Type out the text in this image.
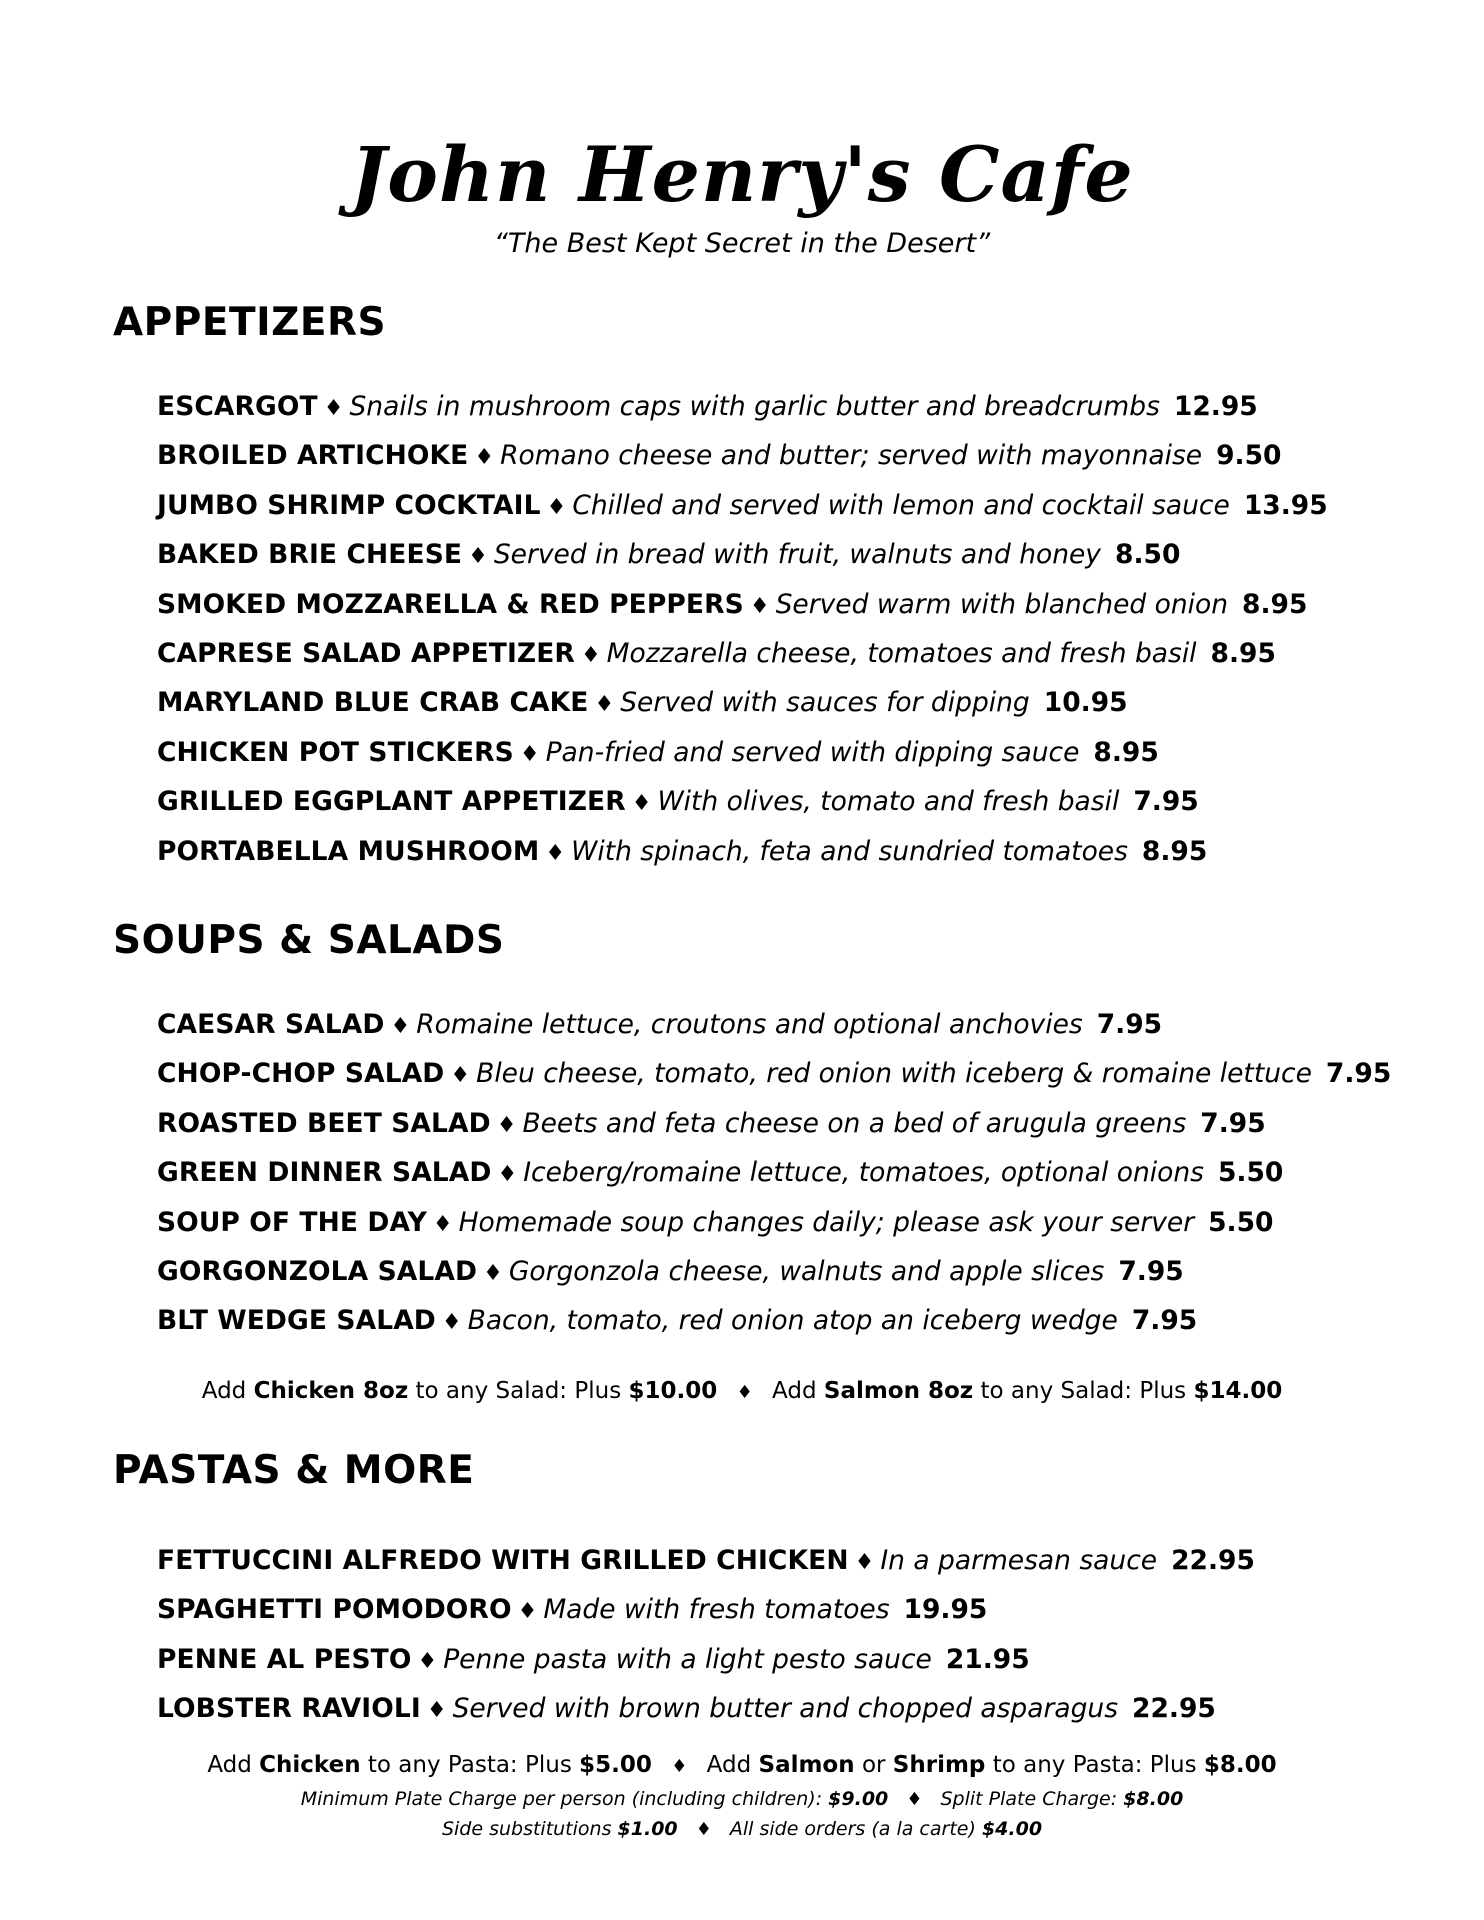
John Henry's Cafe
“The Best Kept Secret in the Desert”
APPETIZERS
ESCARGOT ♦ Snails in mushroom caps with garlic butter and breadcrumbs 12.95
BROILED ARTICHOKE ♦ Romano cheese and butter; served with mayonnaise 9.50
JUMBO SHRIMP COCKTAIL ♦ Chilled and served with lemon and cocktail sauce 13.95
BAKED BRIE CHEESE ♦ Served in bread with fruit, walnuts and honey 8.50
SMOKED MOZZARELLA & RED PEPPERS ♦ Served warm with blanched onion 8.95
CAPRESE SALAD APPETIZER ♦ Mozzarella cheese, tomatoes and fresh basil 8.95
MARYLAND BLUE CRAB CAKE ♦ Served with sauces for dipping 10.95
CHICKEN POT STICKERS ♦ Pan-fried and served with dipping sauce 8.95
GRILLED EGGPLANT APPETIZER ♦ With olives, tomato and fresh basil 7.95
PORTABELLA MUSHROOM ♦ With spinach, feta and sundried tomatoes 8.95
SOUPS & SALADS
CAESAR SALAD ♦ Romaine lettuce, croutons and optional anchovies 7.95
CHOP-CHOP SALAD ♦ Bleu cheese, tomato, red onion with iceberg & romaine lettuce 7.95
ROASTED BEET SALAD ♦ Beets and feta cheese on a bed of arugula greens 7.95
GREEN DINNER SALAD ♦ Iceberg/romaine lettuce, tomatoes, optional onions 5.50
SOUP OF THE DAY ♦ Homemade soup changes daily; please ask your server 5.50
GORGONZOLA SALAD ♦ Gorgonzola cheese, walnuts and apple slices 7.95
BLT WEDGE SALAD ♦ Bacon, tomato, red onion atop an iceberg wedge 7.95
Add Chicken 8oz to any Salad: Plus $10.00 ♦ Add Salmon 8oz to any Salad: Plus $14.00
PASTAS & MORE
FETTUCCINI ALFREDO WITH GRILLED CHICKEN ♦ In a parmesan sauce 22.95
SPAGHETTI POMODORO ♦ Made with fresh tomatoes 19.95
PENNE AL PESTO ♦ Penne pasta with a light pesto sauce 21.95
LOBSTER RAVIOLI ♦ Served with brown butter and chopped asparagus 22.95
Add Chicken to any Pasta: Plus $5.00 ♦ Add Salmon or Shrimp to any Pasta: Plus $8.00
Minimum Plate Charge per person (including children): $9.00 ♦ Split Plate Charge: $8.00
Side substitutions $1.00 ♦ All side orders (a la carte) $4.00
